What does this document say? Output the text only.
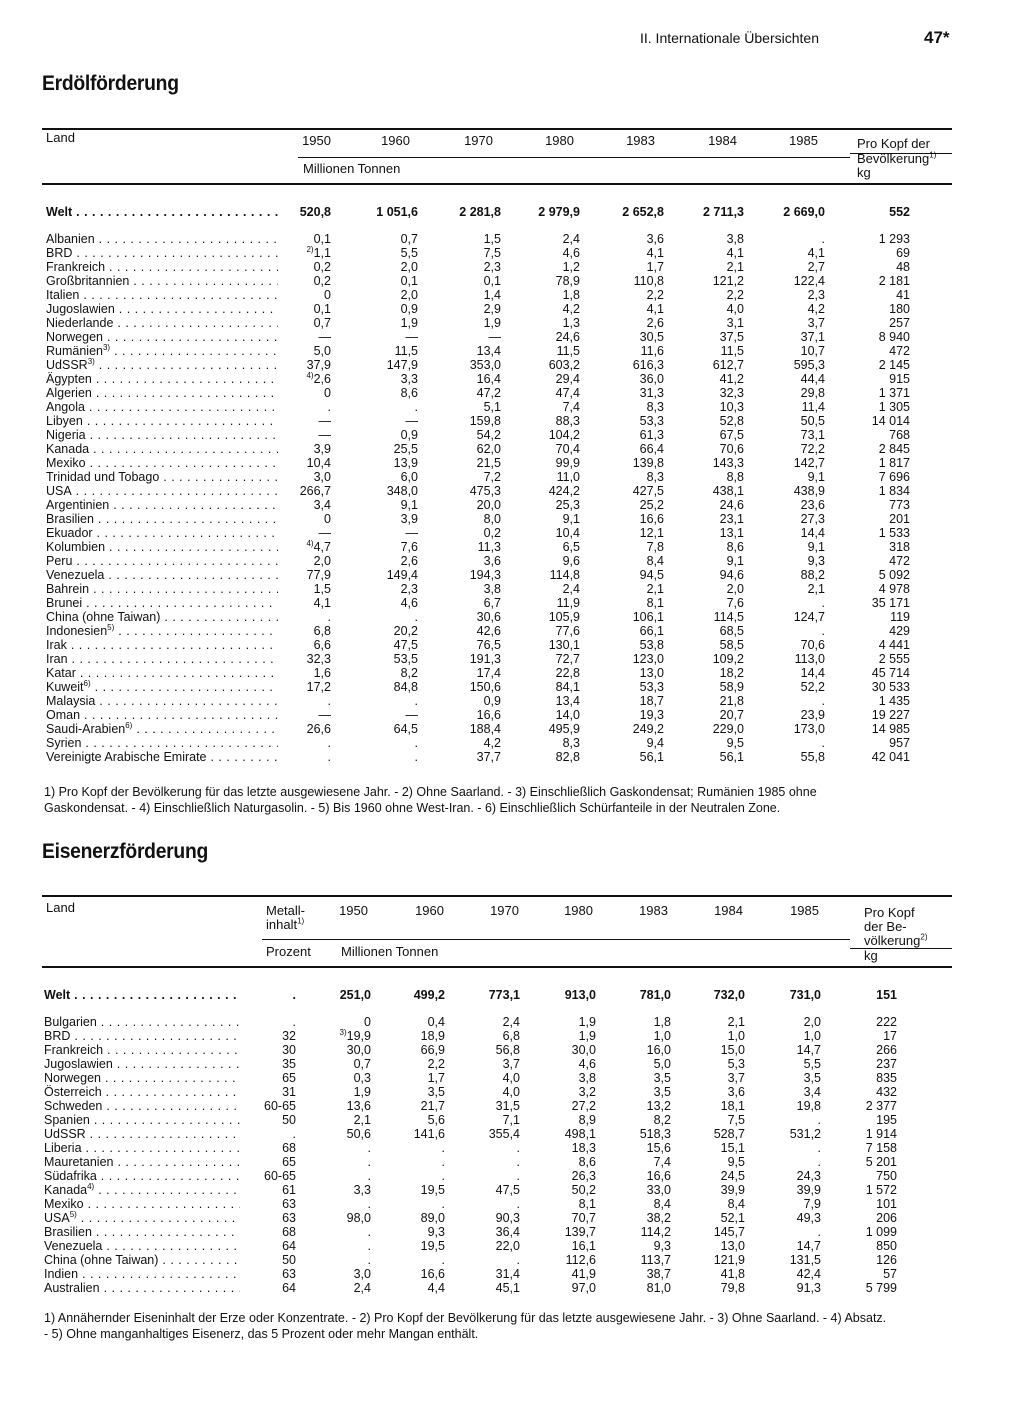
II. Internationale Übersichten	47*
Erdölförderung
Land	1950	1960	1970	1980	1983	1984	1985
Millionen Tonnen
Pro Kopf der
Bevölkerung$^{1)}$
kg
Welt . . .	520,8	1 051,6	2 281,8	2 979,9	2 652,8	2 711,3	2 669,0	552
Albanien . . .	0,1	0,7	1,5	2,4	3,6	3,8	.	1 293
BRD . . .	$^{2)}$1,1	5,5	7,5	4,6	4,1	4,1	4,1	69
Frankreich . . .	0,2	2,0	2,3	1,2	1,7	2,1	2,7	48
Großbritannien . . .	0,2	0,1	0,1	78,9	110,8	121,2	122,4	2 181
Italien . . .	0	2,0	1,4	1,8	2,2	2,2	2,3	41
Jugoslawien . . .	0,1	0,9	2,9	4,2	4,1	4,0	4,2	180
Niederlande . . .	0,7	1,9	1,9	1,3	2,6	3,1	3,7	257
Norwegen . . .	—	—	—	24,6	30,5	37,5	37,1	8 940
Rumänien$^{3)}$ . . .	5,0	11,5	13,4	11,5	11,6	11,5	10,7	472
UdSSR$^{3)}$ . . .	37,9	147,9	353,0	603,2	616,3	612,7	595,3	2 145
Ägypten . . .	$^{4)}$2,6	3,3	16,4	29,4	36,0	41,2	44,4	915
Algerien . . .	0	8,6	47,2	47,4	31,3	32,3	29,8	1 371
Angola . . .	.	.	5,1	7,4	8,3	10,3	11,4	1 305
Libyen . . .	—	—	159,8	88,3	53,3	52,8	50,5	14 014
Nigeria . . .	—	0,9	54,2	104,2	61,3	67,5	73,1	768
Kanada . . .	3,9	25,5	62,0	70,4	66,4	70,6	72,2	2 845
Mexiko . . .	10,4	13,9	21,5	99,9	139,8	143,3	142,7	1 817
Trinidad und Tobago . . .	3,0	6,0	7,2	11,0	8,3	8,8	9,1	7 696
USA . . .	266,7	348,0	475,3	424,2	427,5	438,1	438,9	1 834
Argentinien . . .	3,4	9,1	20,0	25,3	25,2	24,6	23,6	773
Brasilien . . .	0	3,9	8,0	9,1	16,6	23,1	27,3	201
Ekuador . . .	—	—	0,2	10,4	12,1	13,1	14,4	1 533
Kolumbien . . .	$^{4)}$4,7	7,6	11,3	6,5	7,8	8,6	9,1	318
Peru . . .	2,0	2,6	3,6	9,6	8,4	9,1	9,3	472
Venezuela . . .	77,9	149,4	194,3	114,8	94,5	94,6	88,2	5 092
Bahrein . . .	1,5	2,3	3,8	2,4	2,1	2,0	2,1	4 978
Brunei . . .	4,1	4,6	6,7	11,9	8,1	7,6	.	35 171
China (ohne Taiwan) . . .	.	.	30,6	105,9	106,1	114,5	124,7	119
Indonesien$^{5)}$ . . .	6,8	20,2	42,6	77,6	66,1	68,5	.	429
Irak . . .	6,6	47,5	76,5	130,1	53,8	58,5	70,6	4 441
Iran . . .	32,3	53,5	191,3	72,7	123,0	109,2	113,0	2 555
Katar . . .	1,6	8,2	17,4	22,8	13,0	18,2	14,4	45 714
Kuweit$^{6)}$ . . .	17,2	84,8	150,6	84,1	53,3	58,9	52,2	30 533
Malaysia . . .	.	.	0,9	13,4	18,7	21,8	.	1 435
Oman . . .	—	—	16,6	14,0	19,3	20,7	23,9	19 227
Saudi-Arabien$^{6)}$ . . .	26,6	64,5	188,4	495,9	249,2	229,0	173,0	14 985
Syrien . . .	.	.	4,2	8,3	9,4	9,5	.	957
Vereinigte Arabische Emirate . . .	.	.	37,7	82,8	56,1	56,1	55,8	42 041
1) Pro Kopf der Bevölkerung für das letzte ausgewiesene Jahr. - 2) Ohne Saarland. - 3) Einschließlich Gaskondensat; Rumänien 1985 ohne
Gaskondensat. - 4) Einschließlich Naturgasolin. - 5) Bis 1960 ohne West-Iran. - 6) Einschließlich Schürfanteile in der Neutralen Zone.
Eisenerzförderung
Land	Metall-
inhalt$^{1)}$
1950	1960	1970	1980	1983	1984	1985
Prozent Millionen Tonnen
Pro Kopf
der Be-
völkerung$^{2)}$
kg
Welt . . .	.	251,0	499,2	773,1	913,0	781,0	732,0	731,0	151
Bulgarien . . .	.	0	0,4	2,4	1,9	1,8	2,1	2,0	222
BRD . . .	32	$^{3)}$19,9	18,9	6,8	1,9	1,0	1,0	1,0	17
Frankreich . . .	30	30,0	66,9	56,8	30,0	16,0	15,0	14,7	266
Jugoslawien . . .	35	0,7	2,2	3,7	4,6	5,0	5,3	5,5	237
Norwegen . . .	65	0,3	1,7	4,0	3,8	3,5	3,7	3,5	835
Österreich . . .	31	1,9	3,5	4,0	3,2	3,5	3,6	3,4	432
Schweden . . .	60-65	13,6	21,7	31,5	27,2	13,2	18,1	19,8	2 377
Spanien . . .	50	2,1	5,6	7,1	8,9	8,2	7,5	.	195
UdSSR . . .	.	50,6	141,6	355,4	498,1	518,3	528,7	531,2	1 914
Liberia . . .	68	.	.	.	18,3	15,6	15,1	.	7 158
Mauretanien . . .	65	.	.	.	8,6	7,4	9,5	.	5 201
Südafrika . . .	60-65	.	.	.	26,3	16,6	24,5	24,3	750
Kanada$^{4)}$ . . .	61	3,3	19,5	47,5	50,2	33,0	39,9	39,9	1 572
Mexiko . . .	63	.	.	.	8,1	8,4	8,4	7,9	101
USA$^{5)}$ . . .	63	98,0	89,0	90,3	70,7	38,2	52,1	49,3	206
Brasilien . . .	68	.	9,3	36,4	139,7	114,2	145,7	.	1 099
Venezuela . . .	64	.	19,5	22,0	16,1	9,3	13,0	14,7	850
China (ohne Taiwan) . . .	50	.	.	.	112,6	113,7	121,9	131,5	126
Indien . . .	63	3,0	16,6	31,4	41,9	38,7	41,8	42,4	57
Australien . . .	64	2,4	4,4	45,1	97,0	81,0	79,8	91,3	5 799
1) Annähernder Eiseninhalt der Erze oder Konzentrate. - 2) Pro Kopf der Bevölkerung für das letzte ausgewiesene Jahr. - 3) Ohne Saarland. - 4) Absatz.
- 5) Ohne manganhaltiges Eisenerz, das 5 Prozent oder mehr Mangan enthält.
